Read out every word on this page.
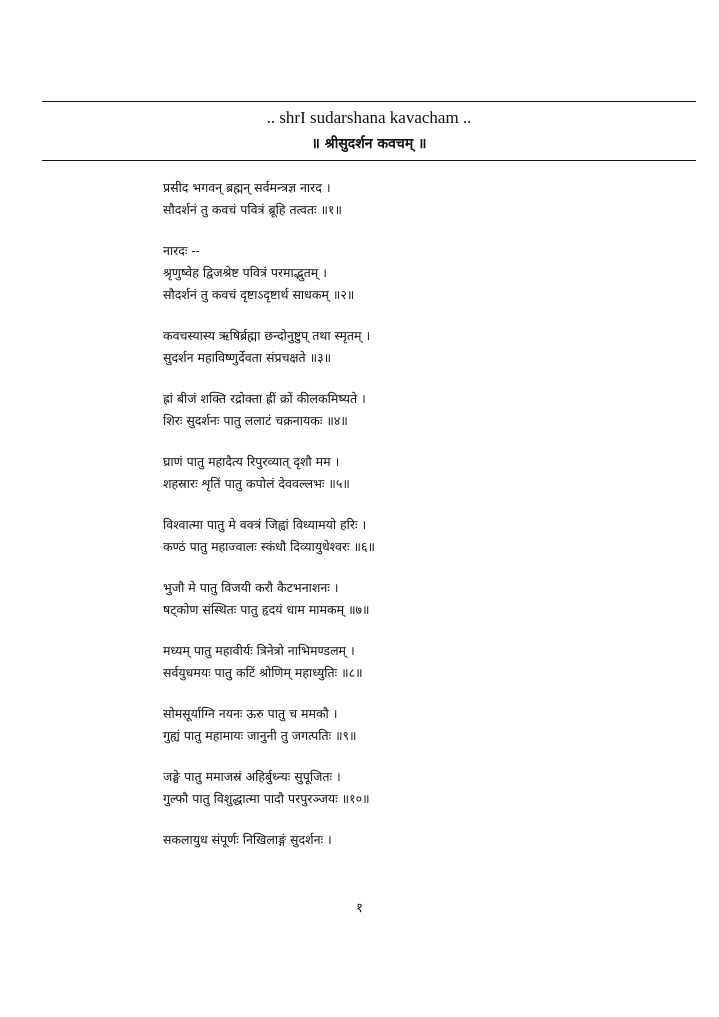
.. shrI sudarshana kavacham ..
॥ श्रीसुदर्शन कवचम् ॥
प्रसीद भगवन् ब्रह्मन् सर्वमन्त्रज्ञ नारद ।
सौदर्शनं तु कवचं पवित्रं ब्रूहि तत्वतः ॥१॥
नारदः --
श्रृणुष्वेह द्विजश्रेष्ट पवित्रं परमाद्भुतम् ।
सौदर्शनं तु कवचं दृष्टाऽदृष्टार्थ साधकम् ॥२॥
कवचस्यास्य ऋषिर्ब्रह्मा छन्दोनुष्टुप् तथा स्मृतम् ।
सुदर्शन महाविष्णुर्देवता संप्रचक्षते ॥३॥
ह्रां बीजं शक्ति रद्रोक्ता ह्रीं क्रों कीलकमिष्यते ।
शिरः सुदर्शनः पातु ललाटं चक्रनायकः ॥४॥
घ्राणं पातु महादैत्य रिपुरव्यात् दृशौ मम ।
शहस्रारः शृतिं पातु कपोलं देववल्लभः ॥५॥
विश्वात्मा पातु मे वक्त्रं जिह्वां विध्यामयो हरिः ।
कण्ठं पातु महाज्वालः स्कंधौ दिव्यायुधेश्वरः ॥६॥
भुजौ मे पातु विजयी करौ कैटभनाशनः ।
षट्कोण संस्थितः पातु हृदयं धाम मामकम् ॥७॥
मध्यम् पातु महावीर्यः त्रिनेत्रो नाभिमण्डलम् ।
सर्वयुधमयः पातु कटिं श्रोणिम् महाध्युतिः ॥८॥
सोमसूर्याग्नि नयनः ऊरु पातु च ममकौ ।
गुह्यं पातु महामायः जानुनी तु जगत्पतिः ॥९॥
जङ्घे पातु ममाजस्रं अहिर्बुध्न्यः सुपूजितः ।
गुल्फौ पातु विशुद्धात्मा पादौ परपुरञ्जयः ॥१०॥
सकलायुध संपूर्णः निखिलाङ्गं सुदर्शनः ।
१
